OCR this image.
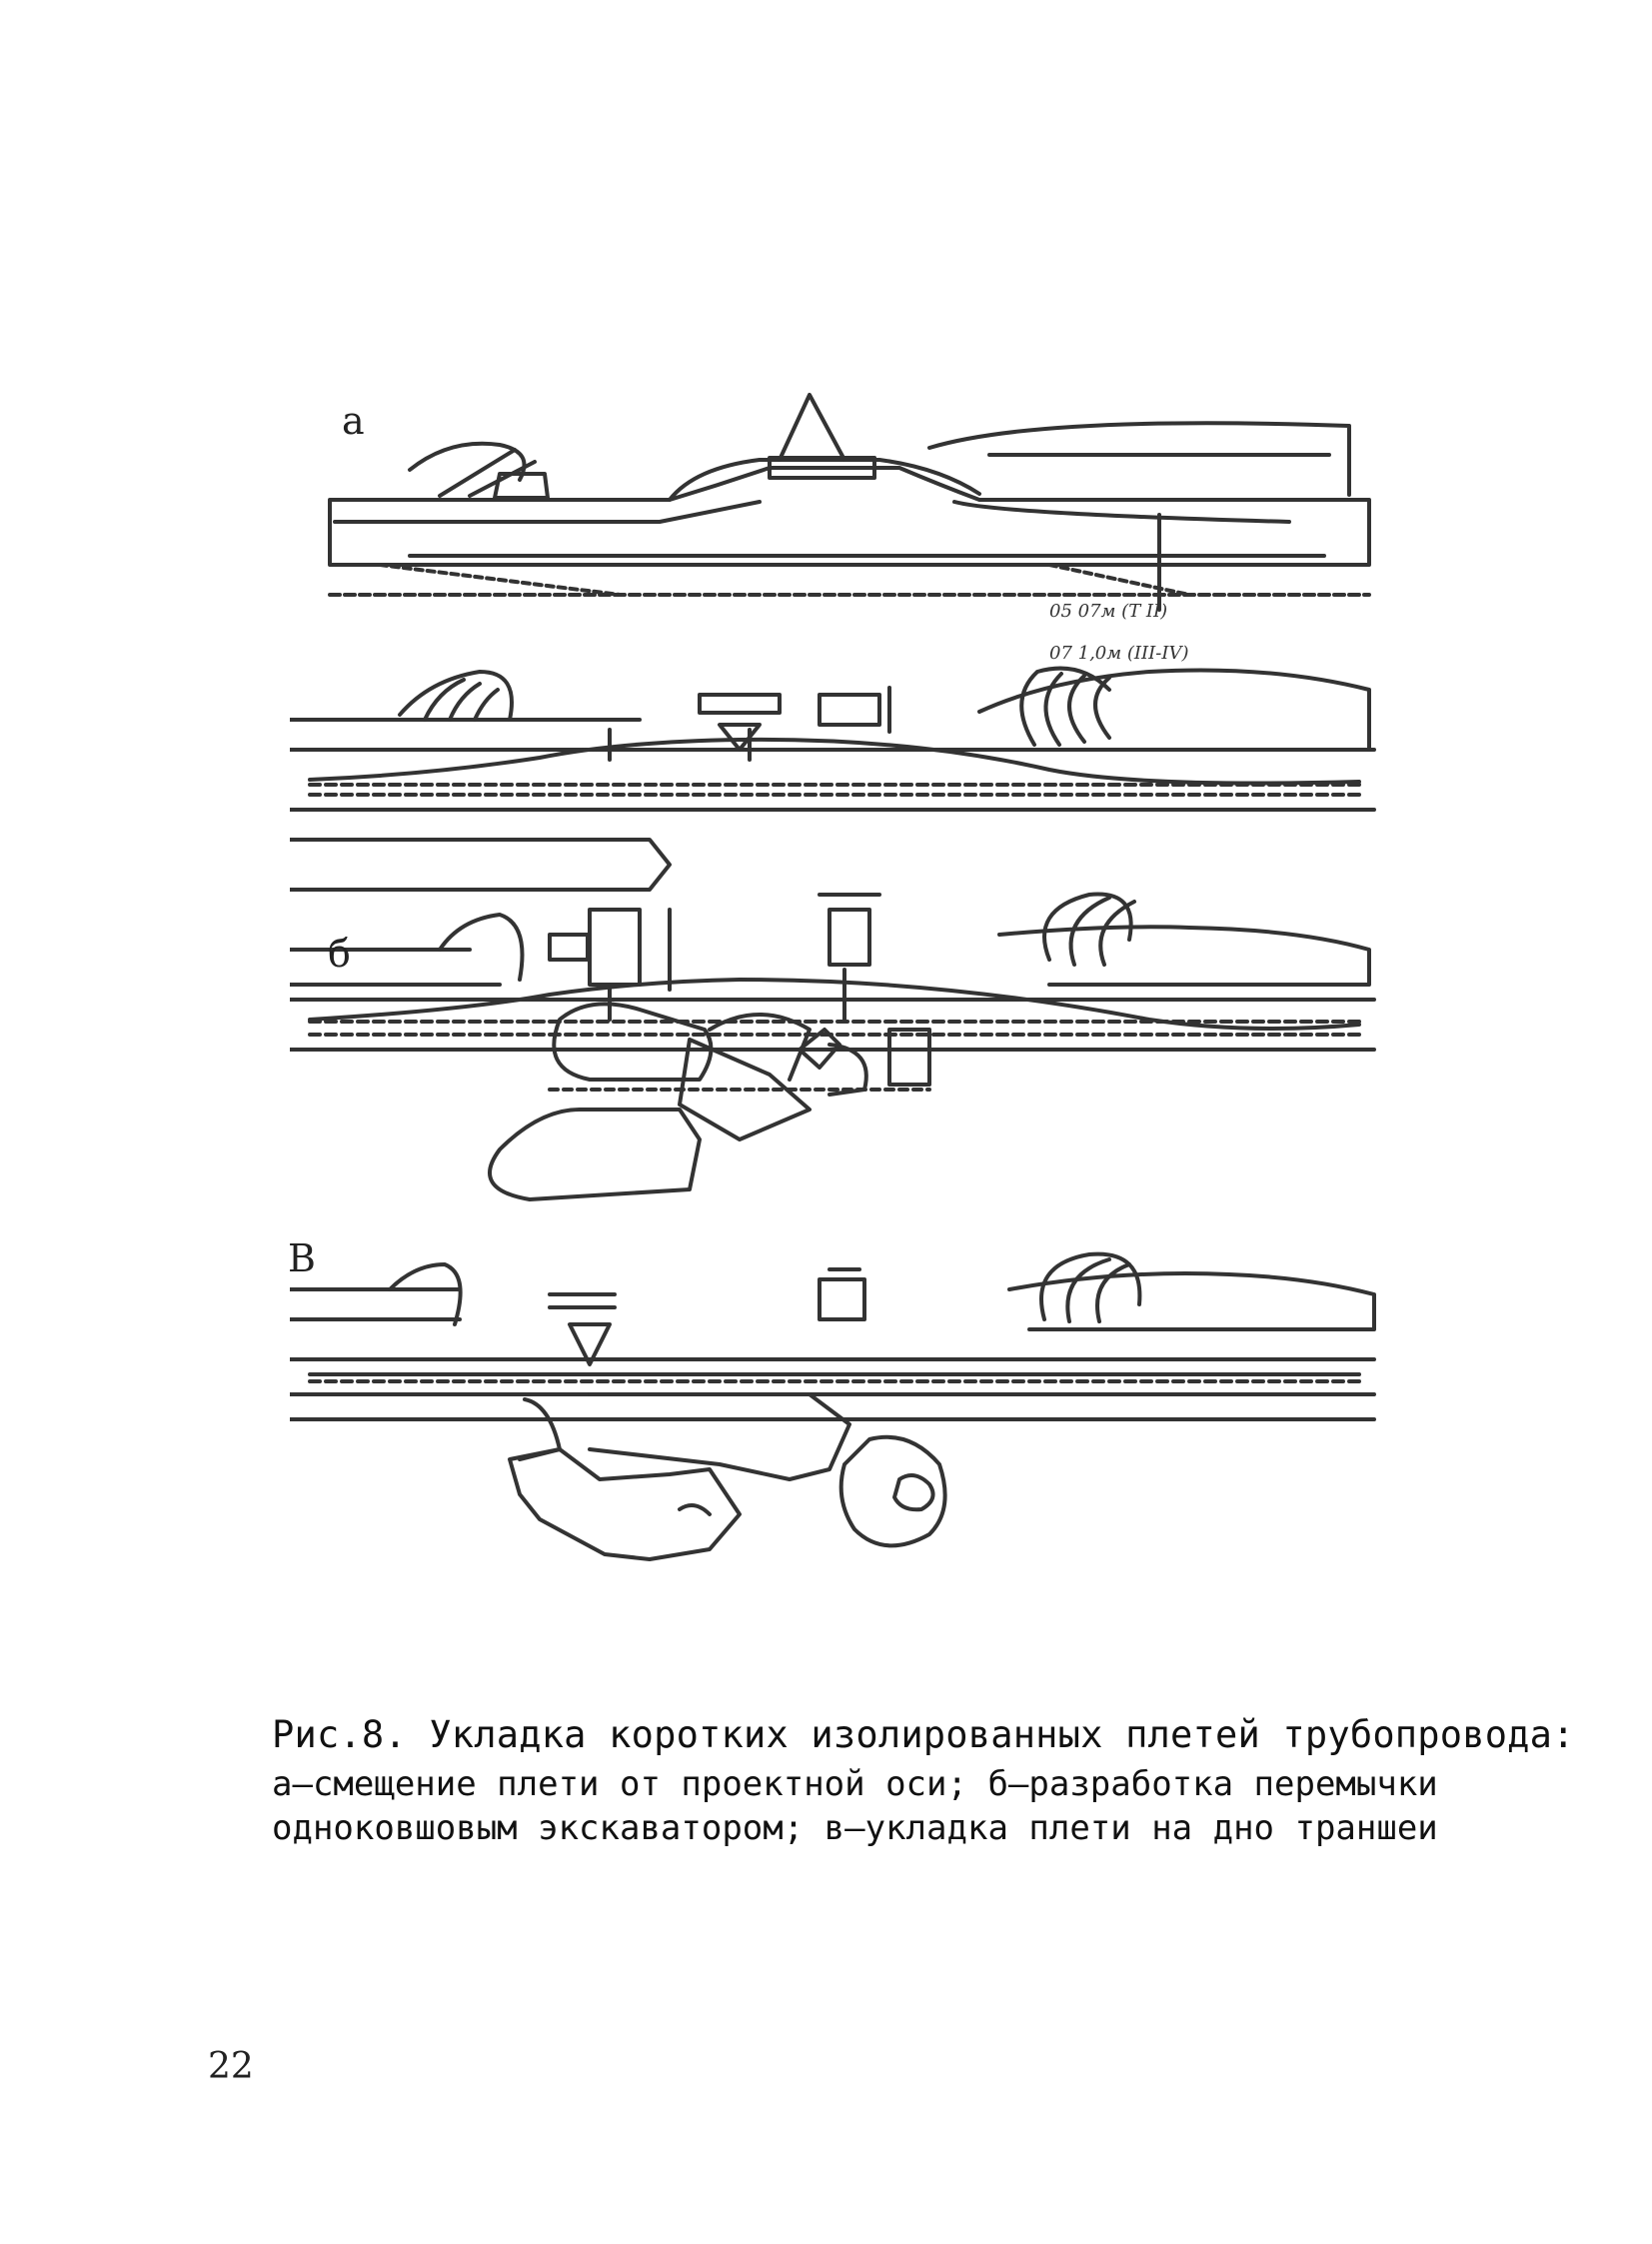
а
б
В
05 07м (Т II)
07 1,0м (III-IV)
Рис.8. Укладка коротких изолированных плетей трубопровода:
а–смещение плети от проектной оси; б–разработка перемычки
одноковшовым экскаватором; в–укладка плети на дно траншеи
22
